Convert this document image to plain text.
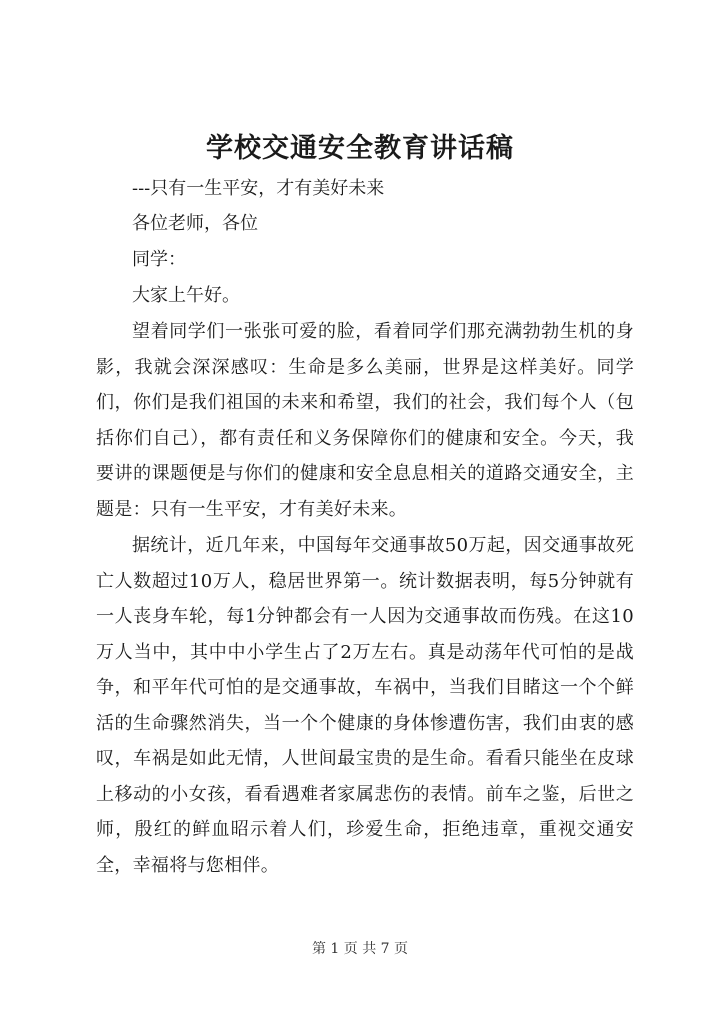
学校交通安全教育讲话稿
---只有一生平安，才有美好未来
各位老师，各位
同学：
大家上午好。
望着同学们一张张可爱的脸，看着同学们那充满勃勃生机的身影，我就会深深感叹：生命是多么美丽，世界是这样美好。同学们，你们是我们祖国的未来和希望，我们的社会，我们每个人（包括你们自己），都有责任和义务保障你们的健康和安全。今天，我要讲的课题便是与你们的健康和安全息息相关的道路交通安全，主题是：只有一生平安，才有美好未来。
据统计，近几年来，中国每年交通事故50万起，因交通事故死亡人数超过10万人，稳居世界第一。统计数据表明，每5分钟就有一人丧身车轮，每1分钟都会有一人因为交通事故而伤残。在这10万人当中，其中中小学生占了2万左右。真是动荡年代可怕的是战争，和平年代可怕的是交通事故，车祸中，当我们目睹这一个个鲜活的生命骤然消失，当一个个健康的身体惨遭伤害，我们由衷的感叹，车祸是如此无情，人世间最宝贵的是生命。看看只能坐在皮球上移动的小女孩，看看遇难者家属悲伤的表情。前车之鉴，后世之师，殷红的鲜血昭示着人们，珍爱生命，拒绝违章，重视交通安全，幸福将与您相伴。
第 1 页 共 7 页
